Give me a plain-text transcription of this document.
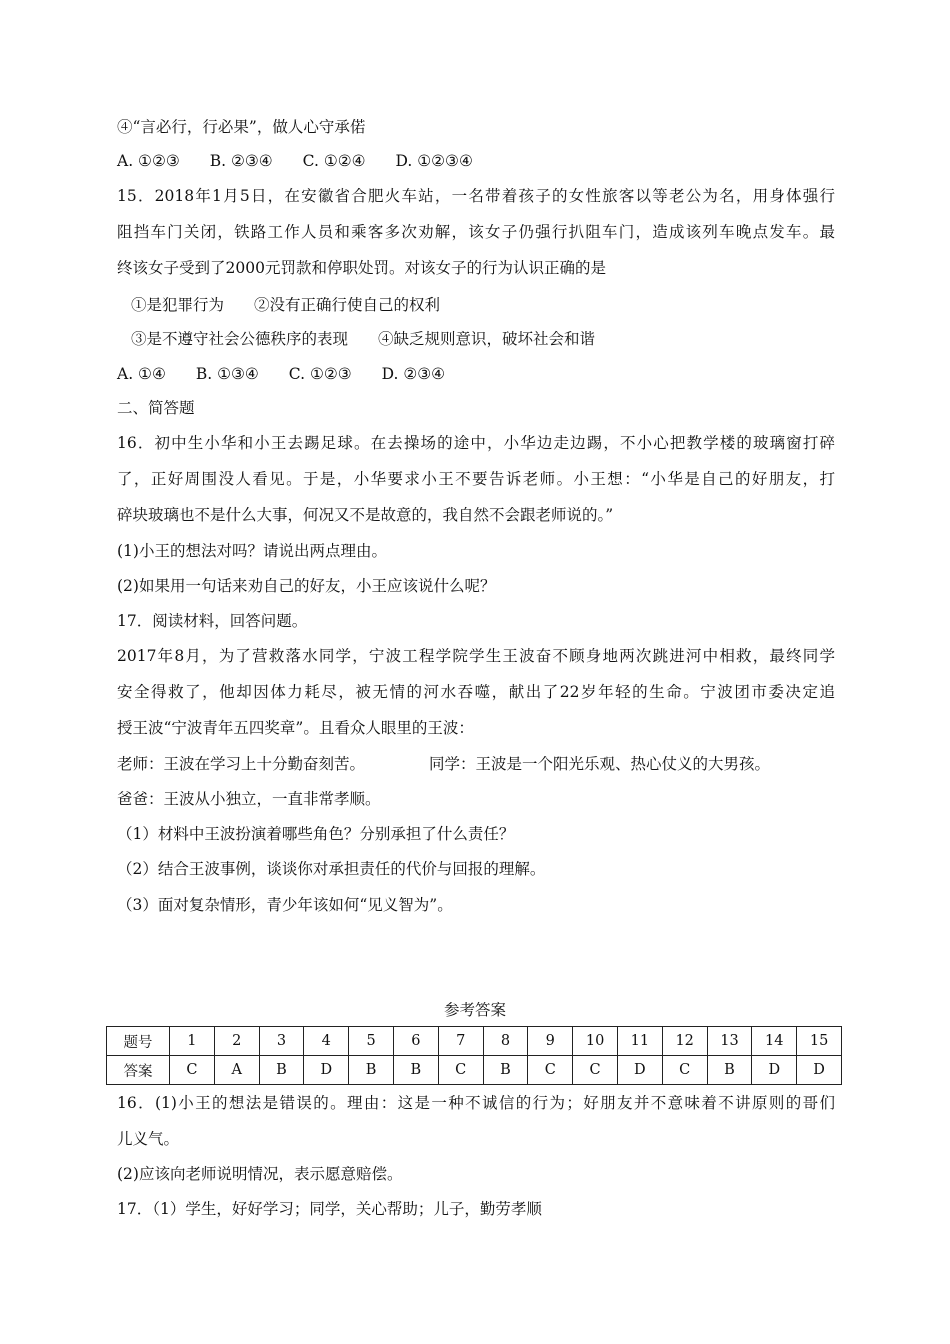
④“言必行，行必果”，做人心守承偌
A. ①②③ B. ②③④ C. ①②④ D. ①②③④
15．2018年1月5日，在安徽省合肥火车站，一名带着孩子的女性旅客以等老公为名，用身体强行
阻挡车门关闭，铁路工作人员和乘客多次劝解，该女子仍强行扒阻车门，造成该列车晚点发车。最
终该女子受到了2000元罚款和停职处罚。对该女子的行为认识正确的是
①是犯罪行为 ②没有正确行使自己的权利
③是不遵守社会公德秩序的表现 ④缺乏规则意识，破坏社会和谐
A. ①④ B. ①③④ C. ①②③ D. ②③④
二、简答题
16．初中生小华和小王去踢足球。在去操场的途中，小华边走边踢，不小心把教学楼的玻璃窗打碎
了，正好周围没人看见。于是，小华要求小王不要告诉老师。小王想：“小华是自己的好朋友，打
碎块玻璃也不是什么大事，何况又不是故意的，我自然不会跟老师说的。”
(1)小王的想法对吗？请说出两点理由。
(2)如果用一句话来劝自己的好友，小王应该说什么呢？
17．阅读材料，回答问题。
2017年8月，为了营救落水同学，宁波工程学院学生王波奋不顾身地两次跳进河中相救，最终同学
安全得救了，他却因体力耗尽，被无情的河水吞噬，献出了22岁年轻的生命。宁波团市委决定追
授王波“宁波青年五四奖章”。且看众人眼里的王波：
老师：王波在学习上十分勤奋刻苦。	同学：王波是一个阳光乐观、热心仗义的大男孩。
爸爸：王波从小独立，一直非常孝顺。
（1）材料中王波扮演着哪些角色？分别承担了什么责任？
（2）结合王波事例，谈谈你对承担责任的代价与回报的理解。
（3）面对复杂情形，青少年该如何“见义智为”。
参考答案
题号	1	2	3	4	5	6	7	8	9	10	11	12	13	14	15
答案	C	A	B	D	B	B	C	B	C	C	D	C	B	D	D
16．(1)小王的想法是错误的。理由：这是一种不诚信的行为；好朋友并不意味着不讲原则的哥们
儿义气。
(2)应该向老师说明情况，表示愿意赔偿。
17．（1）学生，好好学习；同学，关心帮助；儿子，勤劳孝顺
